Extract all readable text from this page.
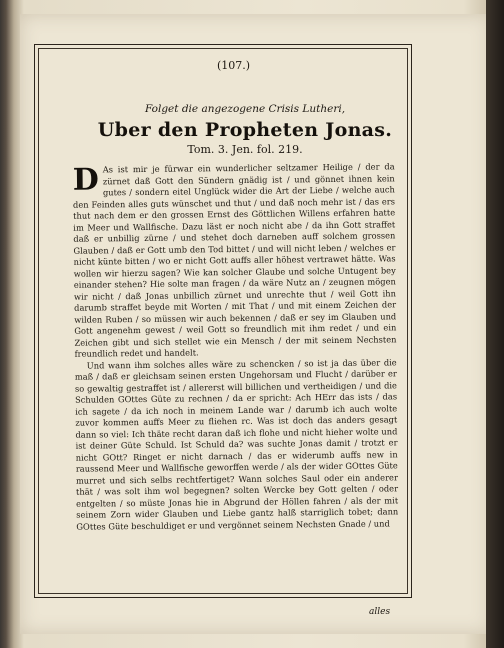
(107.)
Folget die angezogene Crisis Lutheri,
Uber den Propheten Jonas.
Tom. 3. Jen. fol. 219.

D As ist mir je fürwar ein wunderlicher seltzamer Heilige / der da zürnet daß Gott den Sündern gnädig ist / und gönnet ihnen kein gutes / sondern eitel Unglück wider die Art der Liebe / welche auch den Feinden alles guts wünschet und thut / und daß noch mehr ist / das ers thut nach dem er den grossen Ernst des Göttlichen Willens erfahren hatte im Meer und Wallfische. Dazu läst er noch nicht abe / da ihn Gott straffet daß er unbillig zürne / und stehet doch darneben auff solchem grossen Glauben / daß er Gott umb den Tod bittet / und will nicht leben / welches er nicht künte bitten / wo er nicht Gott auffs aller höhest vertrawet hätte. Was wollen wir hierzu sagen? Wie kan solcher Glaube und solche Untugent bey einander stehen? Hie solte man fragen / da wäre Nutz an / zeugnen mögen wir nicht / daß Jonas unbillich zürnet und unrechte thut / weil Gott ihn darumb straffet beyde mit Worten / mit That / und mit einem Zeichen der wilden Ruben / so müssen wir auch bekennen / daß er sey im Glauben und Gott angenehm gewest / weil Gott so freundlich mit ihm redet / und ein Zeichen gibt und sich stellet wie ein Mensch / der mit seinem Nechsten freundlich redet und handelt.

Und wann ihm solches alles wäre zu schencken / so ist ja das über die maß / daß er gleichsam seinen ersten Ungehorsam und Flucht / darüber er so gewaltig gestraffet ist / allererst will billichen und vertheidigen / und die Schulden GOttes Güte zu rechnen / da er spricht: Ach HErr das ists / das ich sagete / da ich noch in meinem Lande war / darumb ich auch wolte zuvor kommen auffs Meer zu fliehen rc. Was ist doch das anders gesagt dann so viel: Ich thäte recht daran daß ich flohe und nicht hieher wolte und ist deiner Güte Schuld. Ist Schuld da? was suchte Jonas damit / trotzt er nicht GOtt? Ringet er nicht darnach / das er widerumb auffs new in raussend Meer und Wallfische geworffen werde / als der wider GOttes Güte murret und sich selbs rechtfertiget? Wann solches Saul oder ein anderer thät / was solt ihm wol begegnen? solten Wercke bey Gott gelten / oder entgelten / so müste Jonas hie in Abgrund der Höllen fahren / als der mit seinem Zorn wider Glauben und Liebe gantz halß starriglich tobet; dann GOttes Güte beschuldiget er und vergönnet seinem Nechsten Gnade / und

alles
